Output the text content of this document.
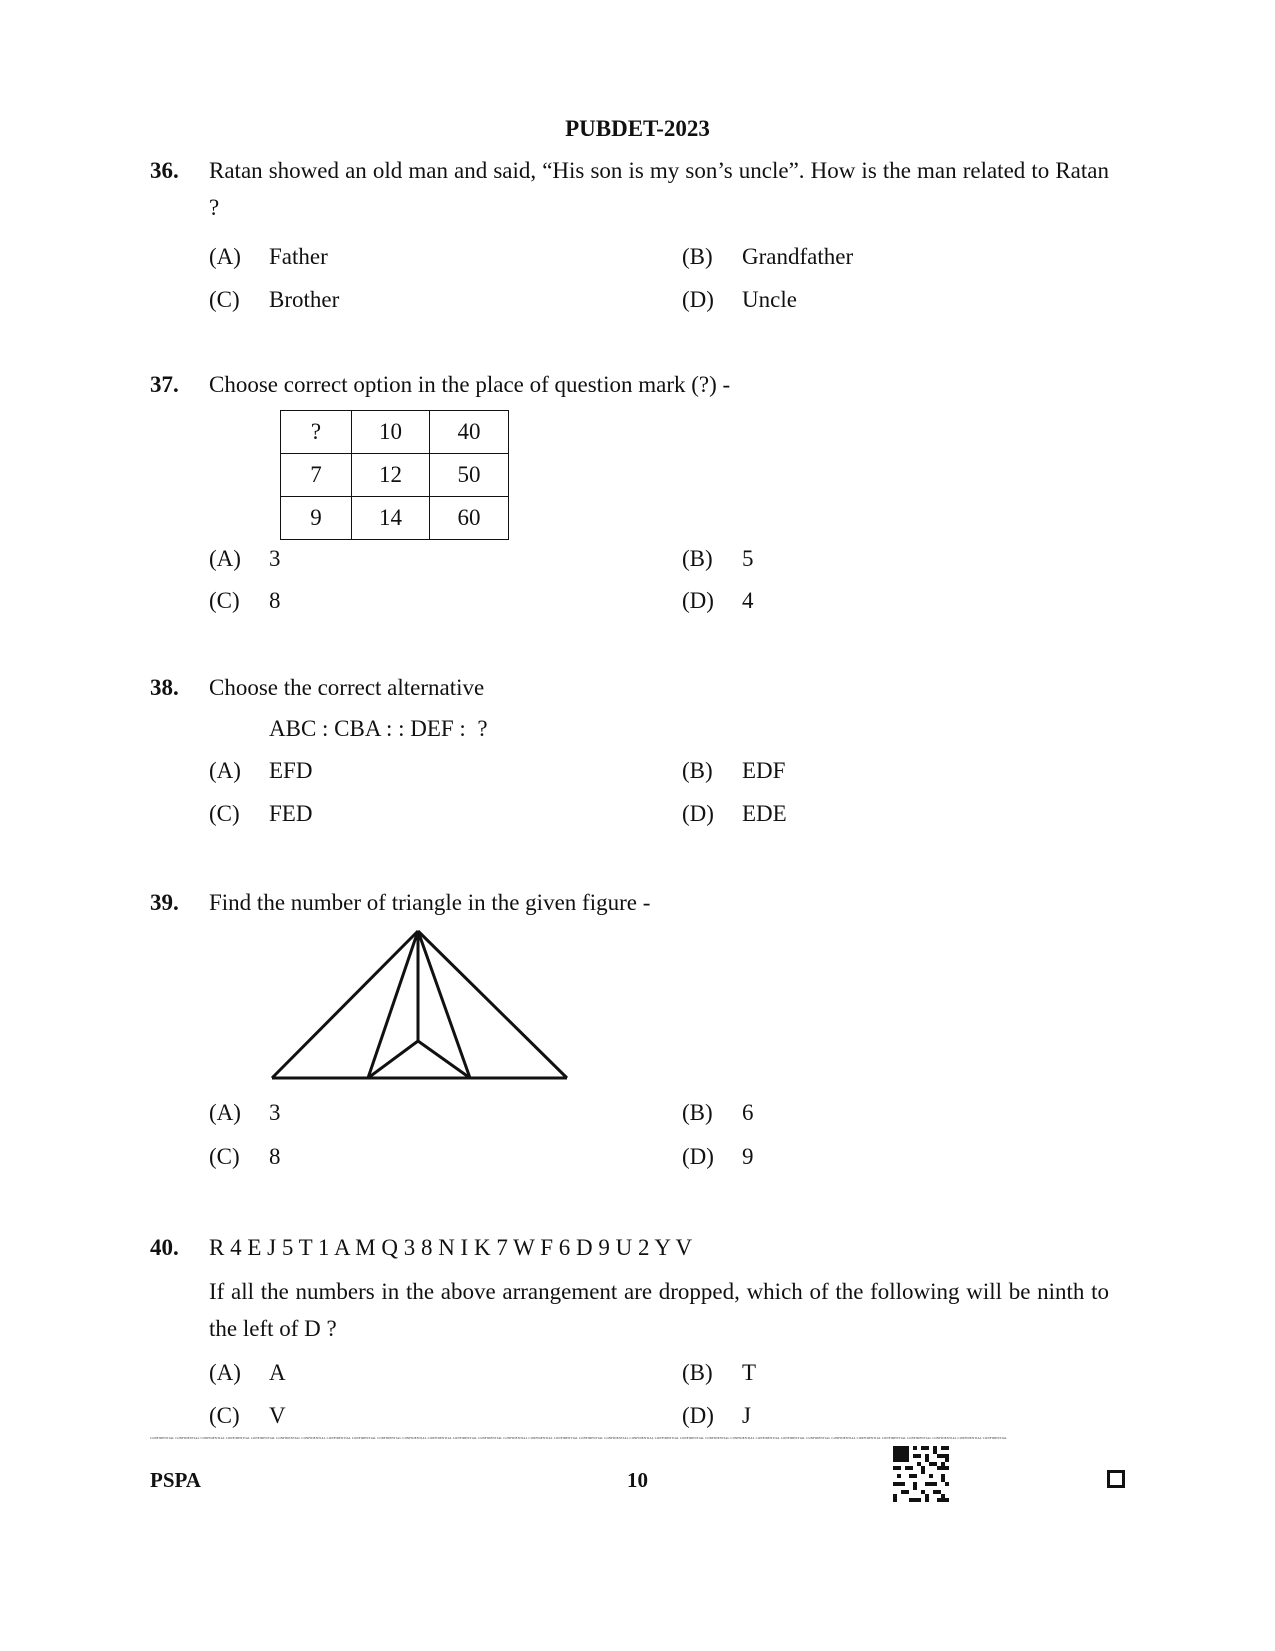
PUBDET-2023
36. Ratan showed an old man and said, “His son is my son’s uncle”. How is the man related to Ratan ?
(A) Father	(B) Grandfather
(C) Brother	(D) Uncle
37. Choose correct option in the place of question mark (?) -
?	10	40
7	12	50
9	14	60
(A) 3	(B) 5
(C) 8	(D) 4
38. Choose the correct alternative
ABC : CBA : : DEF :  ?
(A) EFD	(B) EDF
(C) FED	(D) EDE
39. Find the number of triangle in the given figure -
(A) 3	(B) 6
(C) 8	(D) 9
40. R 4 E J 5 T 1 A M Q 3 8 N I K 7 W F 6 D 9 U 2 Y V
If all the numbers in the above arrangement are dropped, which of the following will be ninth to the left of D ?
(A) A	(B) T
(C) V	(D) J
CONFIDENTIAL CONFIDENTIAL CONFIDENTIAL CONFIDENTIAL CONFIDENTIAL CONFIDENTIAL CONFIDENTIAL CONFIDENTIAL CONFIDENTIAL CONFIDENTIAL CONFIDENTIAL CONFIDENTIAL CONFIDENTIAL CONFIDENTIAL CONFIDENTIAL CONFIDENTIAL CONFIDENTIAL CONFIDENTIAL CONFIDENTIAL CONFIDENTIAL CONFIDENTIAL CONFIDENTIAL CONFIDENTIAL CONFIDENTIAL CONFIDENTIAL CONFIDENTIAL CONFIDENTIAL CONFIDENTIAL CONFIDENTIAL CONFIDENTIAL CONFIDENTIAL CONFIDENTIAL CONFIDENTIAL CONFIDENTIAL
PSPA	10
